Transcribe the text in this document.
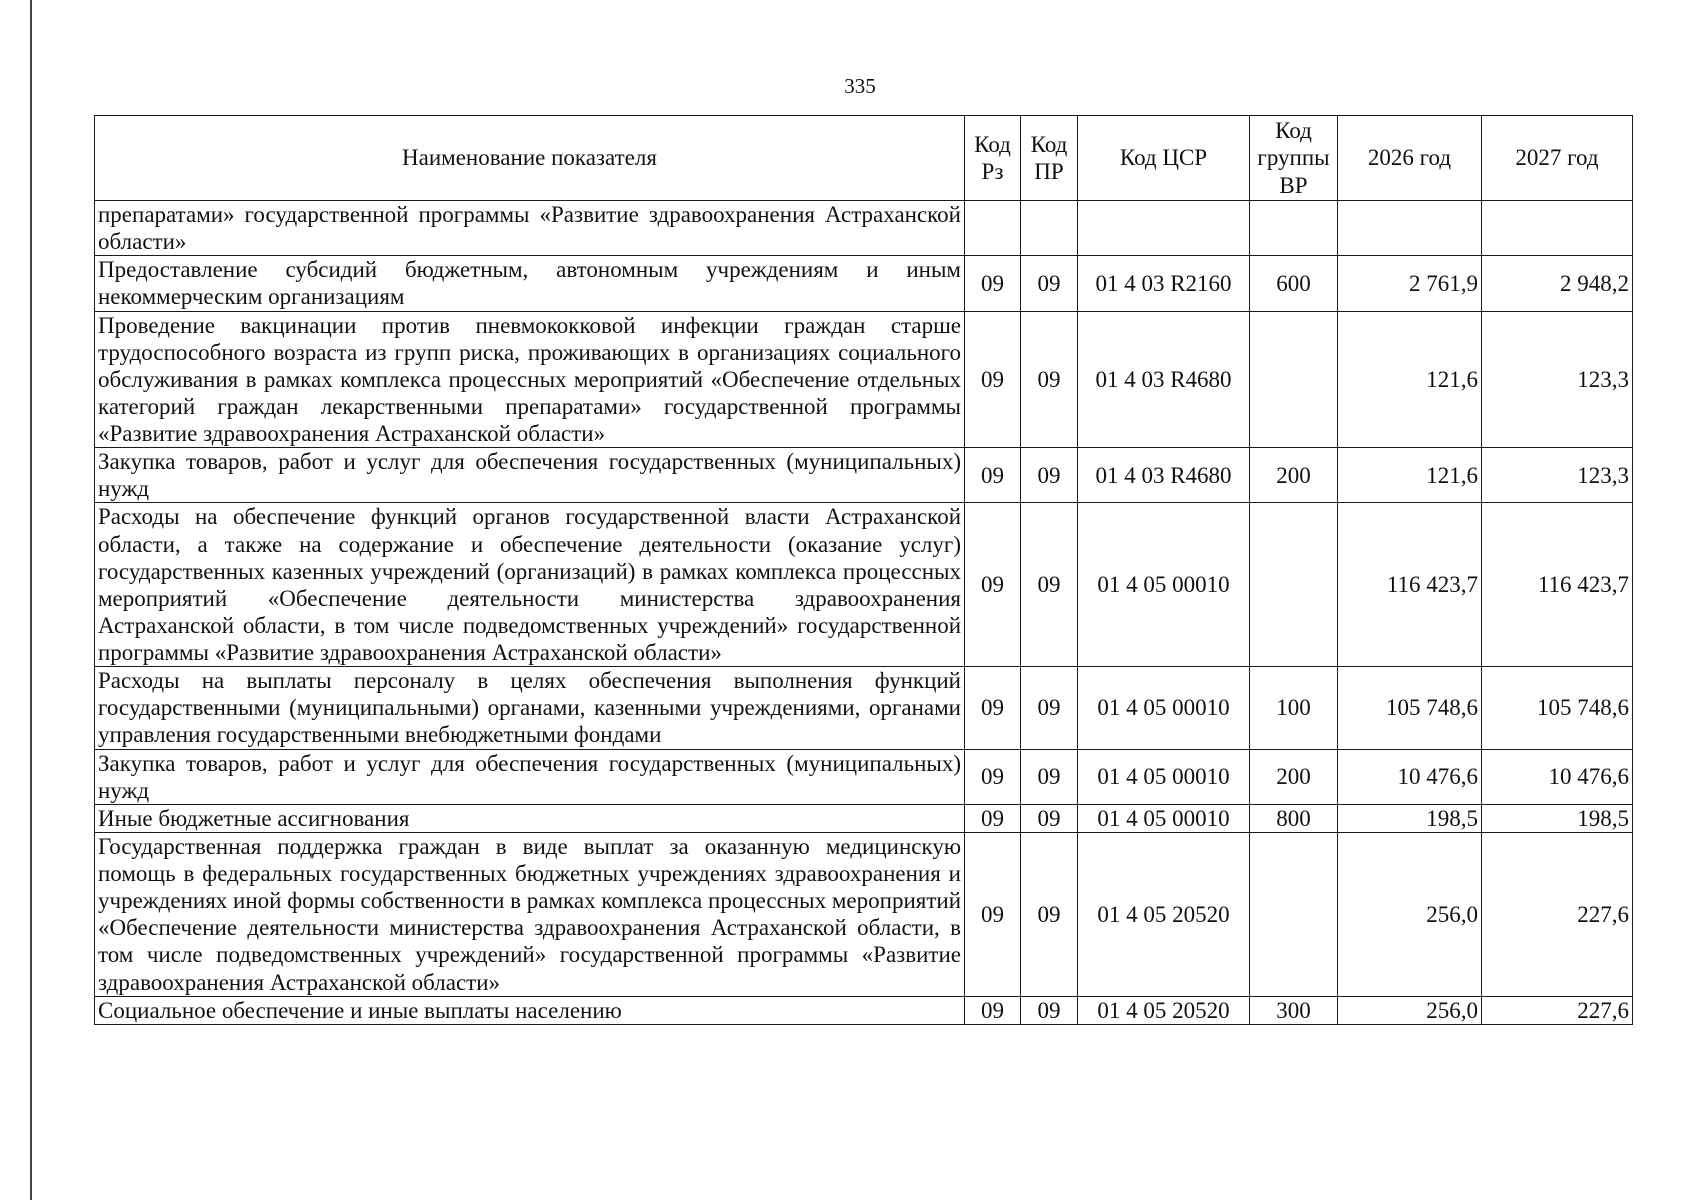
335
Наименование показателя	Код Рз	Код ПР	Код ЦСР	Код группы ВР	2026 год	2027 год
препаратами» государственной программы «Развитие здравоохранения Астраханской области»						
Предоставление субсидий бюджетным, автономным учреждениям и иным некоммерческим организациям	09	09	01 4 03 R2160	600	2 761,9	2 948,2
Проведение вакцинации против пневмококковой инфекции граждан старше трудоспособного возраста из групп риска, проживающих в организациях социального обслуживания в рамках комплекса процессных мероприятий «Обеспечение отдельных категорий граждан лекарственными препаратами» государственной программы «Развитие здравоохранения Астраханской области»	09	09	01 4 03 R4680		121,6	123,3
Закупка товаров, работ и услуг для обеспечения государственных (муниципальных) нужд	09	09	01 4 03 R4680	200	121,6	123,3
Расходы на обеспечение функций органов государственной власти Астраханской области, а также на содержание и обеспечение деятельности (оказание услуг) государственных казенных учреждений (организаций) в рамках комплекса процессных мероприятий «Обеспечение деятельности министерства здравоохранения Астраханской области, в том числе подведомственных учреждений» государственной программы «Развитие здравоохранения Астраханской области»	09	09	01 4 05 00010		116 423,7	116 423,7
Расходы на выплаты персоналу в целях обеспечения выполнения функций государственными (муниципальными) органами, казенными учреждениями, органами управления государственными внебюджетными фондами	09	09	01 4 05 00010	100	105 748,6	105 748,6
Закупка товаров, работ и услуг для обеспечения государственных (муниципальных) нужд	09	09	01 4 05 00010	200	10 476,6	10 476,6
Иные бюджетные ассигнования	09	09	01 4 05 00010	800	198,5	198,5
Государственная поддержка граждан в виде выплат за оказанную медицинскую помощь в федеральных государственных бюджетных учреждениях здравоохранения и учреждениях иной формы собственности в рамках комплекса процессных мероприятий «Обеспечение деятельности министерства здравоохранения Астраханской области, в том числе подведомственных учреждений» государственной программы «Развитие здравоохранения Астраханской области»	09	09	01 4 05 20520		256,0	227,6
Социальное обеспечение и иные выплаты населению	09	09	01 4 05 20520	300	256,0	227,6
